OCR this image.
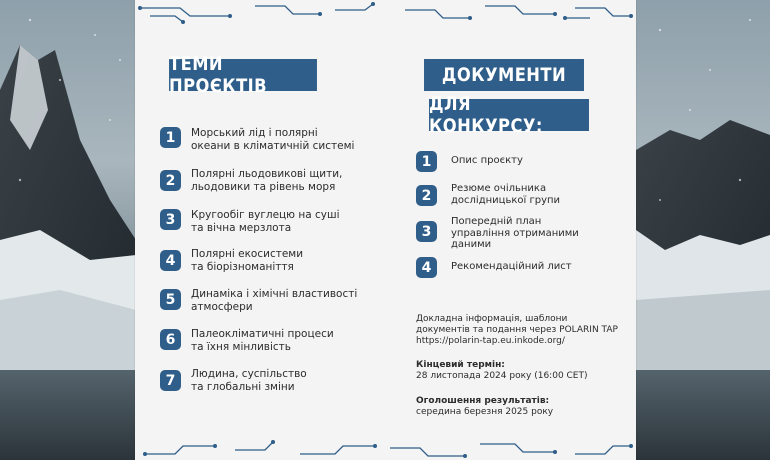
ТЕМИ ПРОЄКТІВ
1	Морський лід і полярні
океани в кліматичній системі
2	Полярні льодовикові щити,
льодовики та рівень моря
3	Кругообіг вуглецю на суші
та вічна мерзлота
4	Полярні екосистеми
та біорізноманіття
5	Динаміка і хімічні властивості
атмосфери
6	Палеокліматичні процеси
та їхня мінливість
7	Людина, суспільство
та глобальні зміни
ДОКУМЕНТИ
ДЛЯ КОНКУРСУ:
1	Опис проєкту
2	Резюме очільника
дослідницької групи
3
Попередній план
управління отриманими
даними
4	Рекомендаційний лист
Докладна інформація, шаблони
документів та подання через POLARIN TAP
https://polarin-tap.eu.inkode.org/
Кінцевий термін:
28 листопада 2024 року (16:00 CET)
Оголошення результатів:
середина березня 2025 року
